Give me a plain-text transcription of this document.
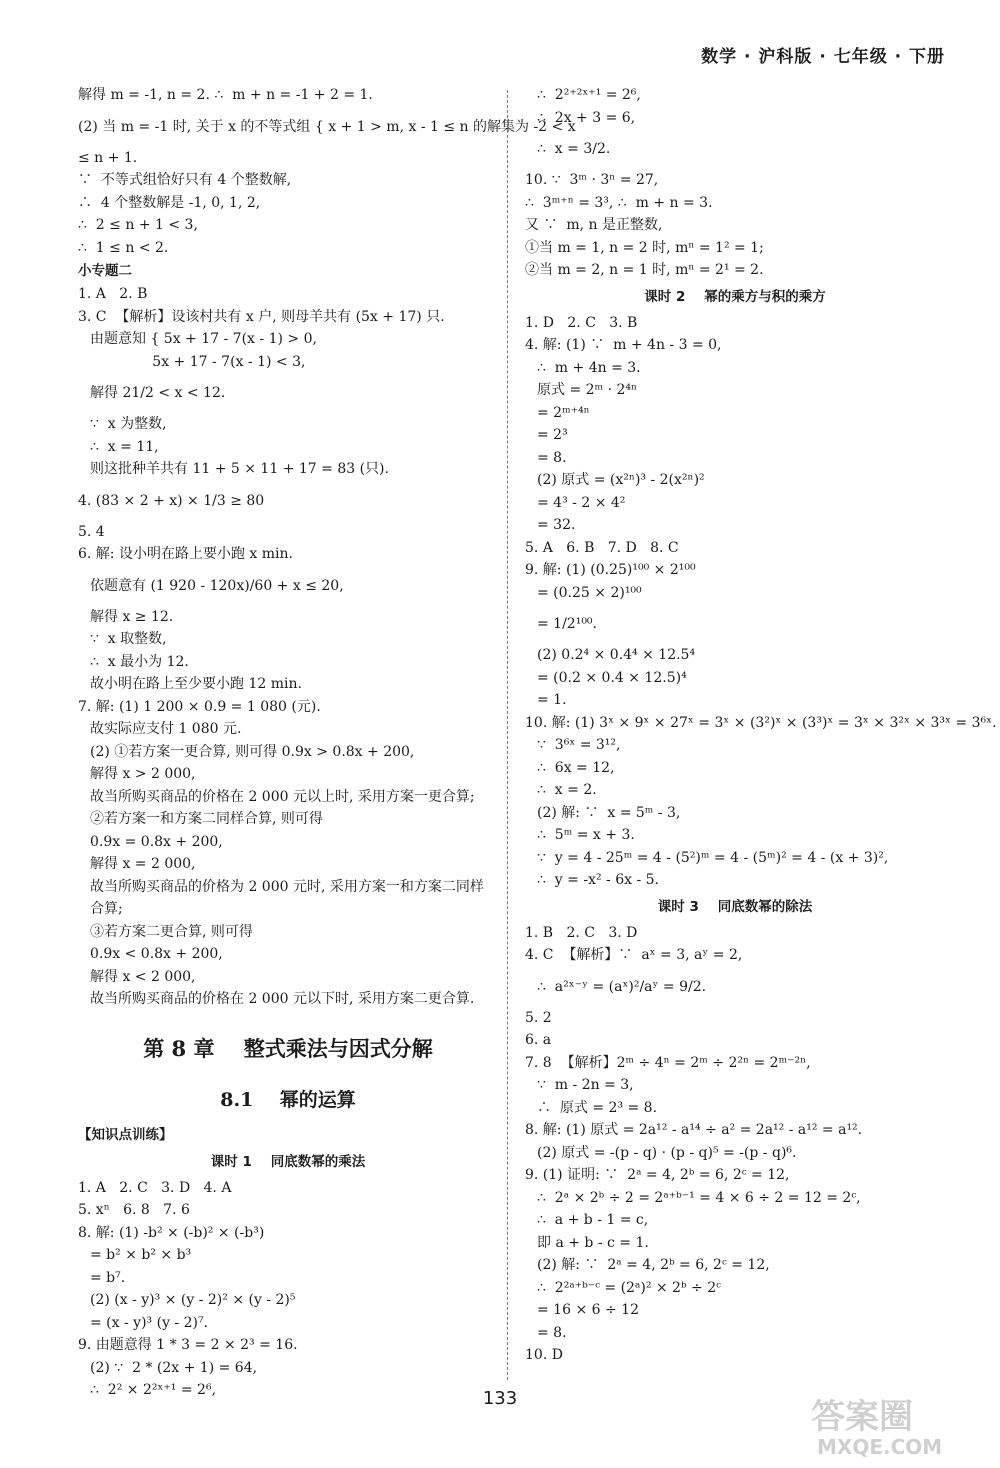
数学 · 沪科版 · 七年级 · 下册
解得 m = -1, n = 2. ∴  m + n = -1 + 2 = 1.
(2) 当 m = -1 时, 关于 x 的不等式组 { x + 1 > m, x - 1 ≤ n 的解集为 -2 < x
≤ n + 1.
∵  不等式组恰好只有 4 个整数解,
∴  4 个整数解是 -1, 0, 1, 2,
∴  2 ≤ n + 1 < 3,
∴  1 ≤ n < 2.
小专题二
1. A   2. B
3. C  【解析】设该村共有 x 户, 则母羊共有 (5x + 17) 只.
由题意知 { 5x + 17 - 7(x - 1) > 0,
5x + 17 - 7(x - 1) < 3,
解得 21/2 < x < 12.
∵  x 为整数,
∴  x = 11,
则这批种羊共有 11 + 5 × 11 + 17 = 83 (只).
4. (83 × 2 + x) × 1/3 ≥ 80
5. 4
6. 解: 设小明在路上要小跑 x min.
依题意有 (1 920 - 120x)/60 + x ≤ 20,
解得 x ≥ 12.
∵  x 取整数,
∴  x 最小为 12.
故小明在路上至少要小跑 12 min.
7. 解: (1) 1 200 × 0.9 = 1 080 (元).
故实际应支付 1 080 元.
(2) ①若方案一更合算, 则可得 0.9x > 0.8x + 200,
解得 x > 2 000,
故当所购买商品的价格在 2 000 元以上时, 采用方案一更合算;
②若方案一和方案二同样合算, 则可得
0.9x = 0.8x + 200,
解得 x = 2 000,
故当所购买商品的价格为 2 000 元时, 采用方案一和方案二同样
合算;
③若方案二更合算, 则可得
0.9x < 0.8x + 200,
解得 x < 2 000,
故当所购买商品的价格在 2 000 元以下时, 采用方案二更合算.
第 8 章    整式乘法与因式分解
8.1    幂的运算
【知识点训练】
课时 1    同底数幂的乘法
1. A   2. C   3. D   4. A
5. xⁿ   6. 8   7. 6
8. 解: (1) -b² × (-b)² × (-b³)
= b² × b² × b³
= b⁷.
(2) (x - y)³ × (y - 2)² × (y - 2)⁵
= (x - y)³ (y - 2)⁷.
9. 由题意得 1 * 3 = 2 × 2³ = 16.
(2) ∵  2 * (2x + 1) = 64,
∴  2² × 2²ˣ⁺¹ = 2⁶,
∴  2²⁺²ˣ⁺¹ = 2⁶,
∴  2x + 3 = 6,
∴  x = 3/2.
10. ∵  3ᵐ · 3ⁿ = 27,
∴  3ᵐ⁺ⁿ = 3³, ∴  m + n = 3.
又 ∵  m, n 是正整数,
①当 m = 1, n = 2 时, mⁿ = 1² = 1;
②当 m = 2, n = 1 时, mⁿ = 2¹ = 2.
课时 2    幂的乘方与积的乘方
1. D   2. C   3. B
4. 解: (1) ∵  m + 4n - 3 = 0,
∴  m + 4n = 3.
原式 = 2ᵐ · 2⁴ⁿ
= 2ᵐ⁺⁴ⁿ
= 2³
= 8.
(2) 原式 = (x²ⁿ)³ - 2(x²ⁿ)²
= 4³ - 2 × 4²
= 32.
5. A   6. B   7. D   8. C
9. 解: (1) (0.25)¹⁰⁰ × 2¹⁰⁰
= (0.25 × 2)¹⁰⁰
= 1/2¹⁰⁰.
(2) 0.2⁴ × 0.4⁴ × 12.5⁴
= (0.2 × 0.4 × 12.5)⁴
= 1.
10. 解: (1) 3ˣ × 9ˣ × 27ˣ = 3ˣ × (3²)ˣ × (3³)ˣ = 3ˣ × 3²ˣ × 3³ˣ = 3⁶ˣ.
∵  3⁶ˣ = 3¹²,
∴  6x = 12,
∴  x = 2.
(2) 解: ∵  x = 5ᵐ - 3,
∴  5ᵐ = x + 3.
∵  y = 4 - 25ᵐ = 4 - (5²)ᵐ = 4 - (5ᵐ)² = 4 - (x + 3)²,
∴  y = -x² - 6x - 5.
课时 3    同底数幂的除法
1. B   2. C   3. D
4. C  【解析】∵  aˣ = 3, aʸ = 2,
∴  a²ˣ⁻ʸ = (aˣ)²/aʸ = 9/2.
5. 2
6. a
7. 8  【解析】2ᵐ ÷ 4ⁿ = 2ᵐ ÷ 2²ⁿ = 2ᵐ⁻²ⁿ,
∵  m - 2n = 3,
∴  原式 = 2³ = 8.
8. 解: (1) 原式 = 2a¹² - a¹⁴ ÷ a² = 2a¹² - a¹² = a¹².
(2) 原式 = -(p - q) · (p - q)⁵ = -(p - q)⁶.
9. (1) 证明: ∵  2ᵃ = 4, 2ᵇ = 6, 2ᶜ = 12,
∴  2ᵃ × 2ᵇ ÷ 2 = 2ᵃ⁺ᵇ⁻¹ = 4 × 6 ÷ 2 = 12 = 2ᶜ,
∴  a + b - 1 = c,
即 a + b - c = 1.
(2) 解: ∵  2ᵃ = 4, 2ᵇ = 6, 2ᶜ = 12,
∴  2²ᵃ⁺ᵇ⁻ᶜ = (2ᵃ)² × 2ᵇ ÷ 2ᶜ
= 16 × 6 ÷ 12
= 8.
10. D
133	答案圈
MXQE.COM
